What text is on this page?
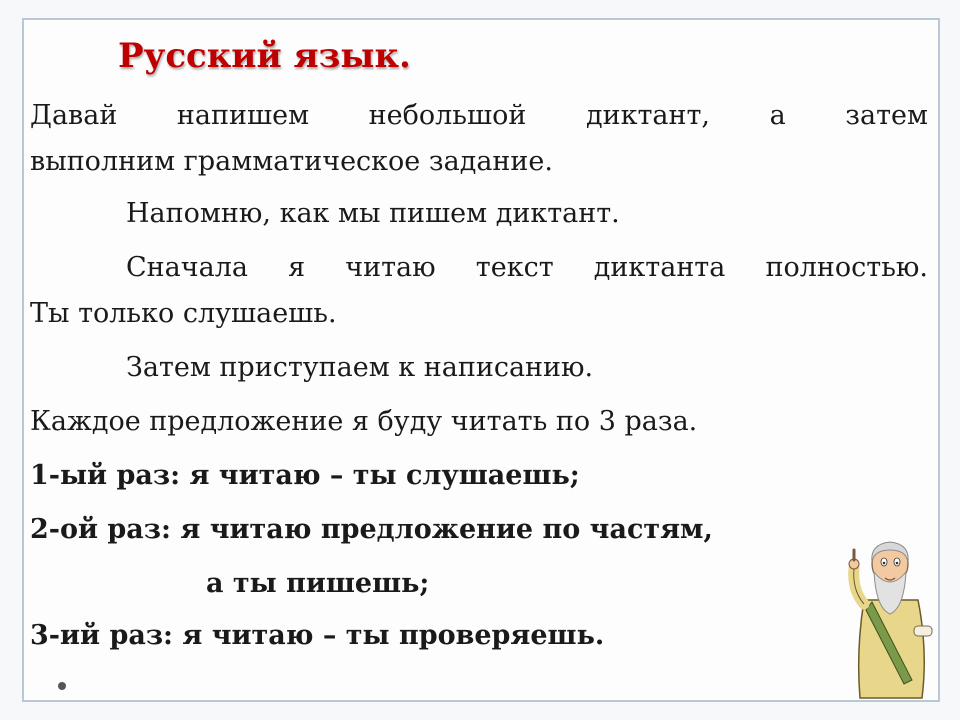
Русский язык.

Давай напишем небольшой диктант, а затем

выполним грамматическое задание.

Напомню, как мы пишем диктант.

Сначала я читаю текст диктанта полностью.

Ты только слушаешь.

Затем приступаем к написанию.

Каждое предложение я буду читать по 3 раза.

1-ый раз: я читаю – ты слушаешь;

2-ой раз: я читаю предложение по частям,

а ты пишешь;

3-ий раз: я читаю – ты проверяешь.
